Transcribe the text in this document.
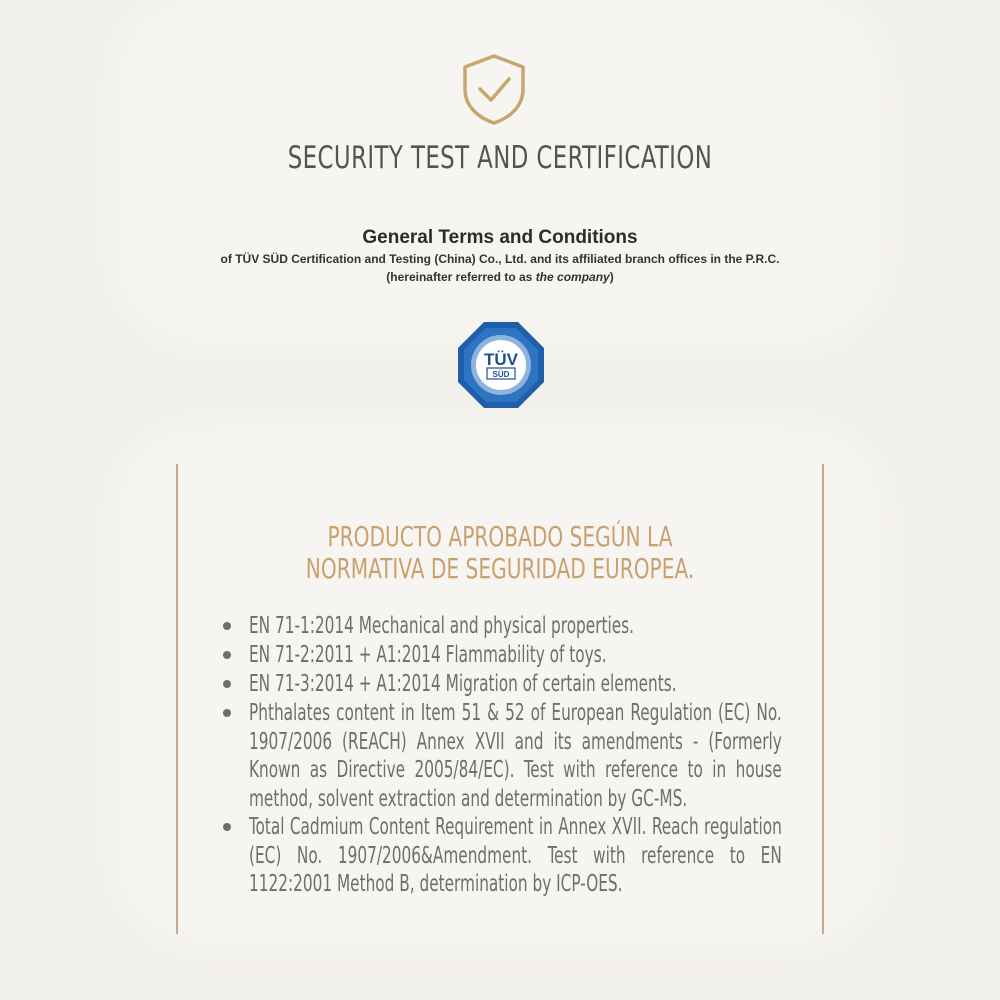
SECURITY TEST AND CERTIFICATION
General Terms and Conditions
of TÜV SÜD Certification and Testing (China) Co., Ltd. and its affiliated branch offices in the P.R.C.
(hereinafter referred to as the company)
TÜV
SÜD
PRODUCTO APROBADO SEGÚN LA
NORMATIVA DE SEGURIDAD EUROPEA.
EN 71-1:2014 Mechanical and physical properties.
EN 71-2:2011 + A1:2014 Flammability of toys.
EN 71-3:2014 + A1:2014 Migration of certain elements.
Phthalates content in Item 51 & 52 of European Regulation (EC) No. 1907/2006 (REACH) Annex XVII and its amendments - (Formerly Known as Directive 2005/84/EC). Test with reference to in house method, solvent extraction and determination by GC-MS.
Total Cadmium Content Requirement in Annex XVII. Reach regulation (EC) No. 1907/2006&Amendment. Test with reference to EN 1122:2001 Method B, determination by ICP-OES.
